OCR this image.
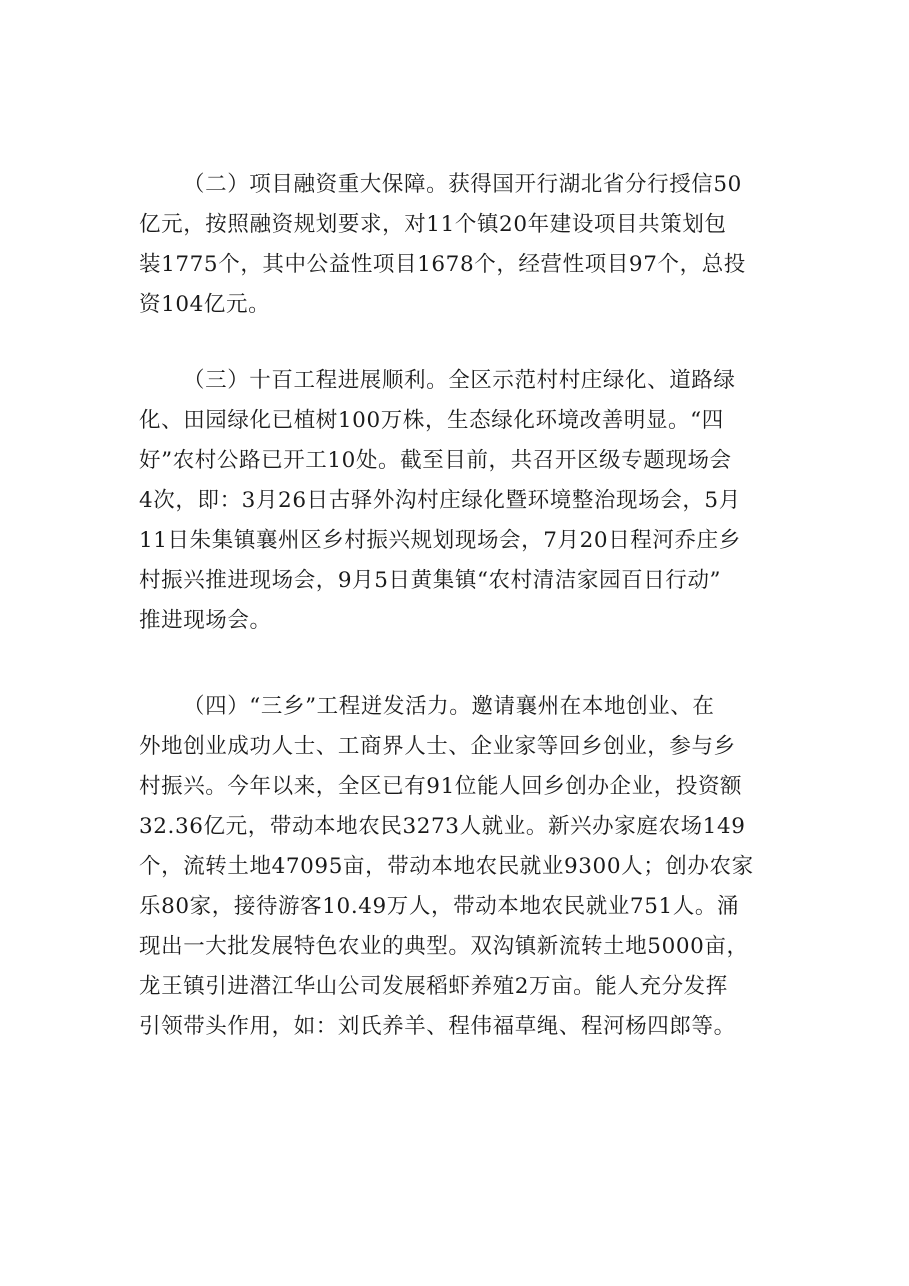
（二）项目融资重大保障。获得国开行湖北省分行授信50
亿元，按照融资规划要求，对11个镇20年建设项目共策划包
装1775个，其中公益性项目1678个，经营性项目97个，总投
资104亿元。
（三）十百工程进展顺利。全区示范村村庄绿化、道路绿
化、田园绿化已植树100万株，生态绿化环境改善明显。“四
好”农村公路已开工10处。截至目前，共召开区级专题现场会
4次，即：3月26日古驿外沟村庄绿化暨环境整治现场会，5月
11日朱集镇襄州区乡村振兴规划现场会，7月20日程河乔庄乡
村振兴推进现场会，9月5日黄集镇“农村清洁家园百日行动”
推进现场会。
（四）“三乡”工程迸发活力。邀请襄州在本地创业、在
外地创业成功人士、工商界人士、企业家等回乡创业，参与乡
村振兴。今年以来，全区已有91位能人回乡创办企业，投资额
32.36亿元，带动本地农民3273人就业。新兴办家庭农场149
个，流转土地47095亩，带动本地农民就业9300人；创办农家
乐80家，接待游客10.49万人，带动本地农民就业751人。涌
现出一大批发展特色农业的典型。双沟镇新流转土地5000亩，
龙王镇引进潜江华山公司发展稻虾养殖2万亩。能人充分发挥
引领带头作用，如：刘氏养羊、程伟福草绳、程河杨四郎等。
